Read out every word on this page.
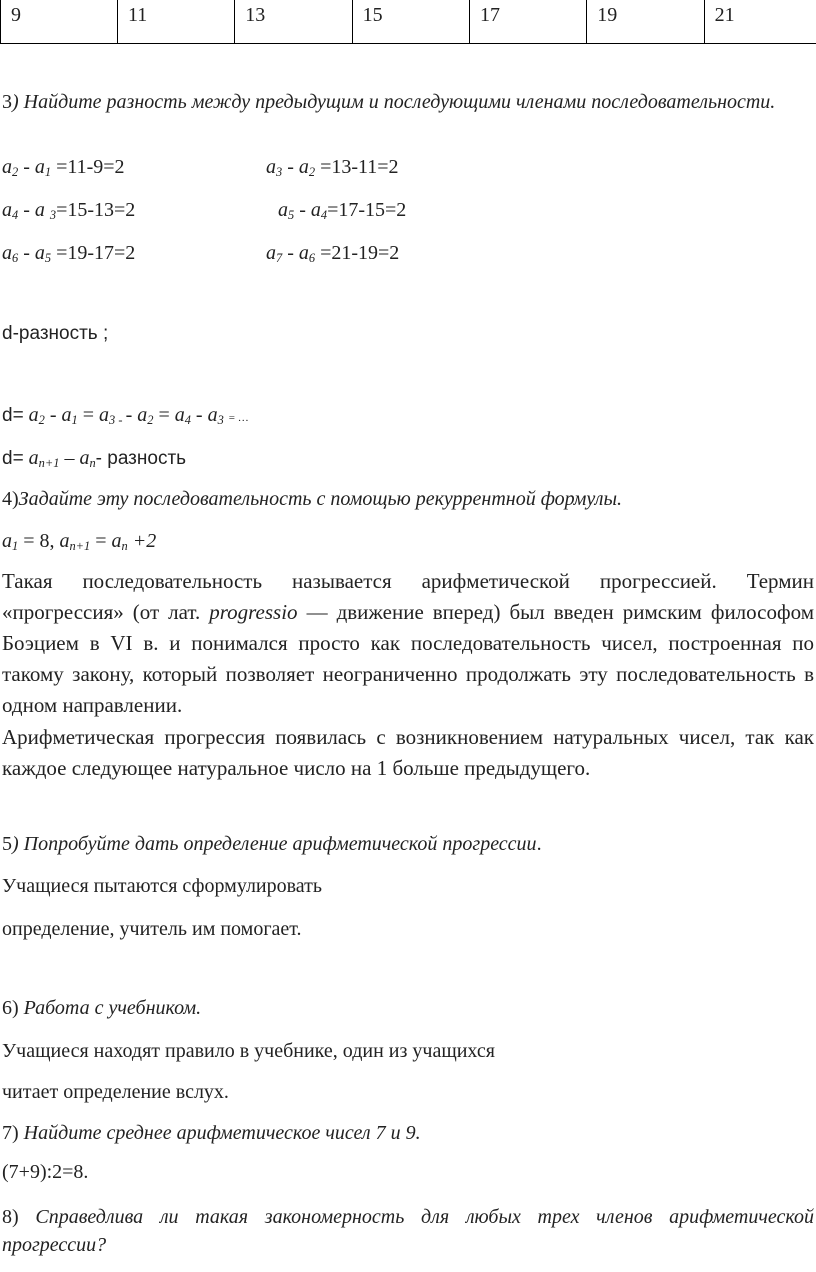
9	11	13	15	17	19	21

3) Найдите разность между предыдущим и последующими членами последовательности.

$a_2 - a_1 =11-9=2$	$a_3 - a_2 =13-11=2$
$a_4$ - a $_3$=15-13=2	$a_5 - a_4=17-15=2$
$a_6 - a_5 =19-17=2$	$a_7 - a_6 =21-19=2$
d-разность ;
$d= a_2 - a_1 = a_{3 -} - a_2 = a_4 - a_3$ = …
$d= a_{n+1} - a_n-$ разность
4)Задайте эту последовательность с помощью рекуррентной формулы.
$a_1 = 8$, $a_{n+1} = a_n +2$

Такая последовательность называется арифметической прогрессией. Термин «прогрессия» (от лат. progressio — движение вперед) был введен римским философом Боэцием в VI в. и понимался просто как последовательность чисел, построенная по такому закону, который позволяет неограниченно продолжать эту последовательность в одном направлении.

Арифметическая прогрессия появилась с возникновением натуральных чисел, так как каждое следующее натуральное число на 1 больше предыдущего.

5) Попробуйте дать определение арифметической прогрессии.
Учащиеся пытаются сформулировать
определение, учитель им помогает.
6) Работа с учебником.
Учащиеся находят правило в учебнике, один из учащихся
читает определение вслух.
7) Найдите среднее арифметическое чисел 7 и 9.
(7+9):2=8.

8) Справедлива ли такая закономерность для любых трех членов арифметической прогрессии?
